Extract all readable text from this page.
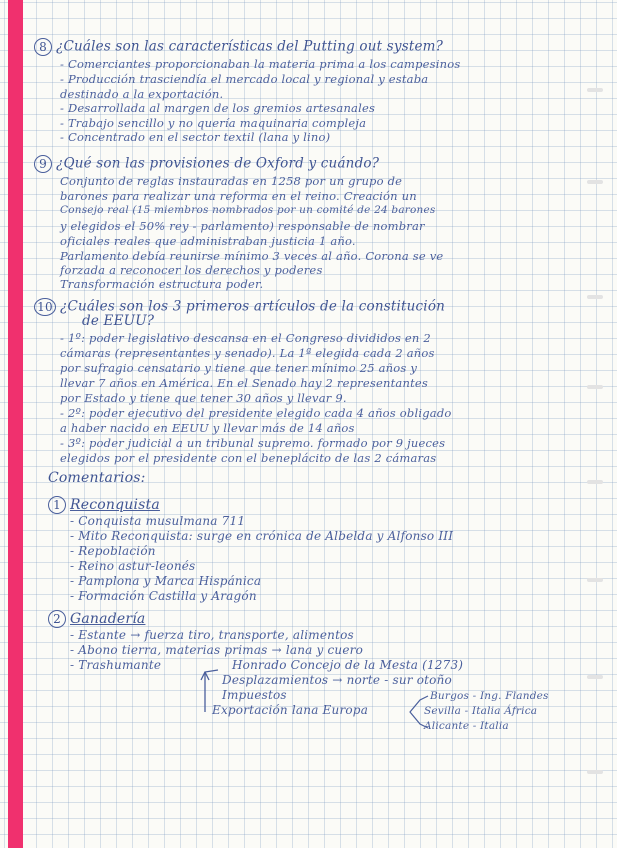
8 ¿Cuáles son las características del Putting out system?
- Comerciantes proporcionaban la materia prima a los campesinos
- Producción trasciendía el mercado local y regional y estaba
destinado a la exportación.
- Desarrollada al margen de los gremios artesanales
- Trabajo sencillo y no quería maquinaria compleja
- Concentrado en el sector textil (lana y lino)
9 ¿Qué son las provisiones de Oxford y cuándo?
Conjunto de reglas instauradas en 1258 por un grupo de
barones para realizar una reforma en el reino. Creación un
Consejo real (15 miembros nombrados por un comité de 24 barones
y elegidos el 50% rey - parlamento) responsable de nombrar
oficiales reales que administraban justicia 1 año.
Parlamento debía reunirse mínimo 3 veces al año. Corona se ve
forzada a reconocer los derechos y poderes
Transformación estructura poder.
10 ¿Cuáles son los 3 primeros artículos de la constitución
de EEUU?
- 1º: poder legislativo descansa en el Congreso divididos en 2
cámaras (representantes y senado). La 1ª elegida cada 2 años
por sufragio censatario y tiene que tener mínimo 25 años y
llevar 7 años en América. En el Senado hay 2 representantes
por Estado y tiene que tener 30 años y llevar 9.
- 2º: poder ejecutivo del presidente elegido cada 4 años obligado
a haber nacido en EEUU y llevar más de 14 años
- 3º: poder judicial a un tribunal supremo. formado por 9 jueces
elegidos por el presidente con el beneplácito de las 2 cámaras
Comentarios:
1 Reconquista
- Conquista musulmana 711
- Mito Reconquista: surge en crónica de Albelda y Alfonso III
- Repoblación
- Reino astur-leonés
- Pamplona y Marca Hispánica
- Formación Castilla y Aragón
2 Ganadería
- Estante → fuerza tiro, transporte, alimentos
- Abono tierra, materias primas → lana y cuero
- Trashumante	Honrado Concejo de la Mesta (1273)
Desplazamientos → norte - sur otoño
Impuestos
Exportación lana Europa
Burgos - Ing. Flandes
Sevilla - Italia África
Alicante - Italia
